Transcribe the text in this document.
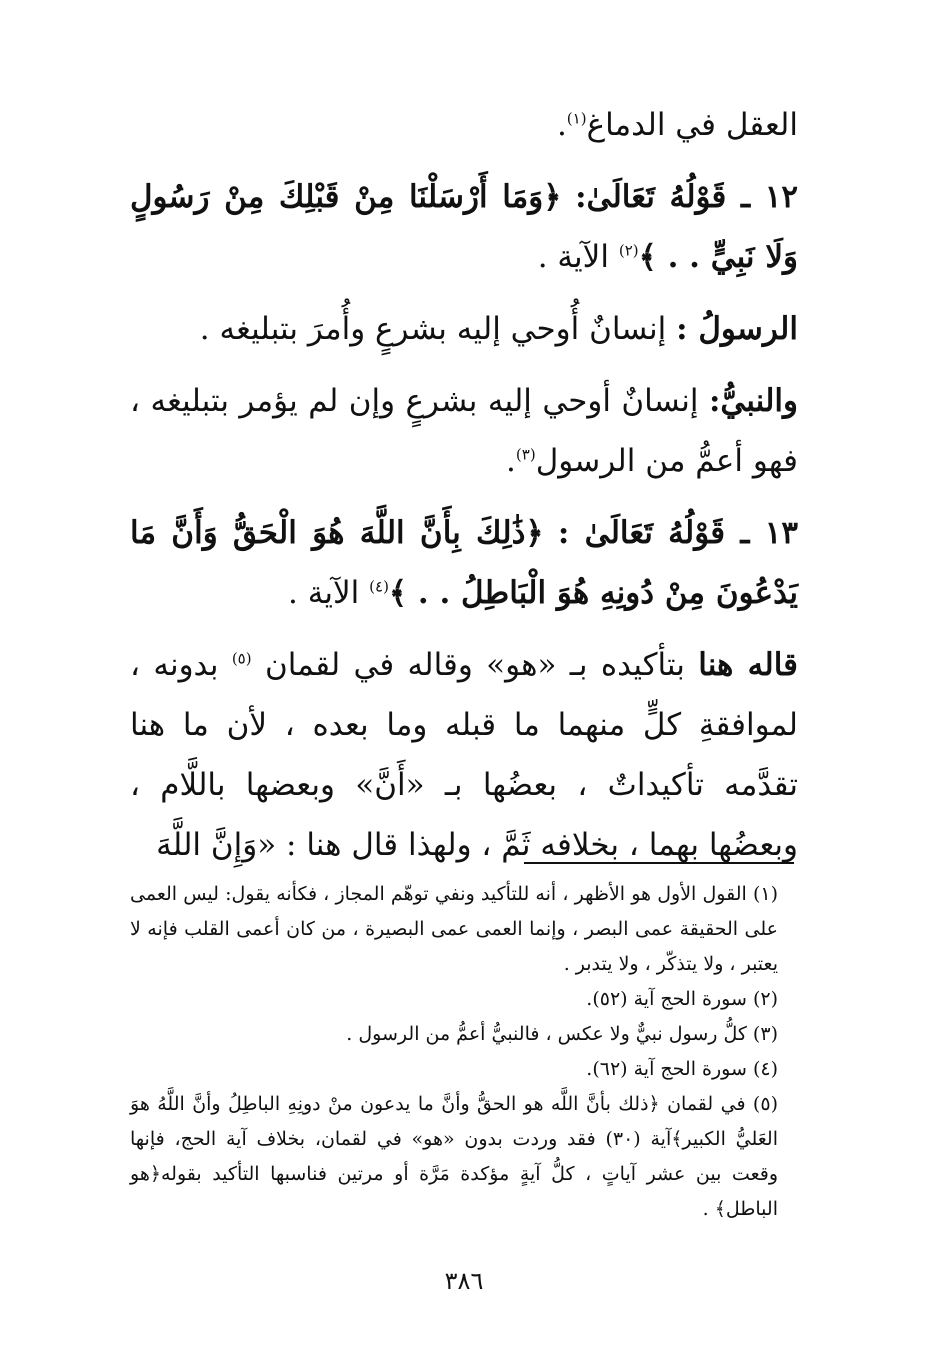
العقل في الدماغ$^{(١)}$.

١٢ ـ قَوْلُهُ تَعَالَىٰ: ﴿وَمَا أَرْسَلْنَا مِنْ قَبْلِكَ مِنْ رَسُولٍ وَلَا نَبِيٍّ . . ﴾$^{(٢)}$ الآية .

الرسولُ : إنسانٌ أُوحي إليه بشرعٍ وأُمرَ بتبليغه .

والنبيُّ: إنسانٌ أوحي إليه بشرعٍ وإن لم يؤمر بتبليغه ، فهو أعمُّ من الرسول$^{(٣)}$.

١٣ ـ قَوْلُهُ تَعَالَىٰ : ﴿ذَٰلِكَ بِأَنَّ اللَّهَ هُوَ الْحَقُّ وَأَنَّ مَا يَدْعُونَ مِنْ دُونِهِ هُوَ الْبَاطِلُ . . ﴾$^{(٤)}$ الآية .

قاله هنا بتأكيده بـ «هو» وقاله في لقمان $^{(٥)}$ بدونه ، لموافقةِ كلٍّ منهما ما قبله وما بعده ، لأن ما هنا تقدَّمه تأكيداتٌ ، بعضُها بـ «أَنَّ» وبعضها باللَّام ، وبعضُها بهما ، بخلافه ثَمَّ ، ولهذا قال هنا : «وَإِنَّ اللَّهَ

(١) القول الأول هو الأظهر ، أنه للتأكيد ونفي توهّم المجاز ، فكأنه يقول: ليس العمى على الحقيقة عمى البصر ، وإنما العمى عمى البصيرة ، من كان أعمى القلب فإنه لا يعتبر ، ولا يتذكّر ، ولا يتدبر .

(٢) سورة الحج آية (٥٢).

(٣) كلُّ رسول نبيٌّ ولا عكس ، فالنبيُّ أعمُّ من الرسول .

(٤) سورة الحج آية (٦٢).

(٥) في لقمان ﴿ذلك بأنَّ اللَّه هو الحقُّ وأنَّ ما يدعون منْ دونِهِ الباطِلُ وأنَّ اللَّهُ هوَ العَليُّ الكبير﴾آية (٣٠) فقد وردت بدون «هو» في لقمان، بخلاف آية الحج، فإنها وقعت بين عشر آياتٍ ، كلُّ آيةٍ مؤكدة مَرَّة أو مرتين فناسبها التأكيد بقوله﴿هو الباطل﴾ .

٣٨٦
